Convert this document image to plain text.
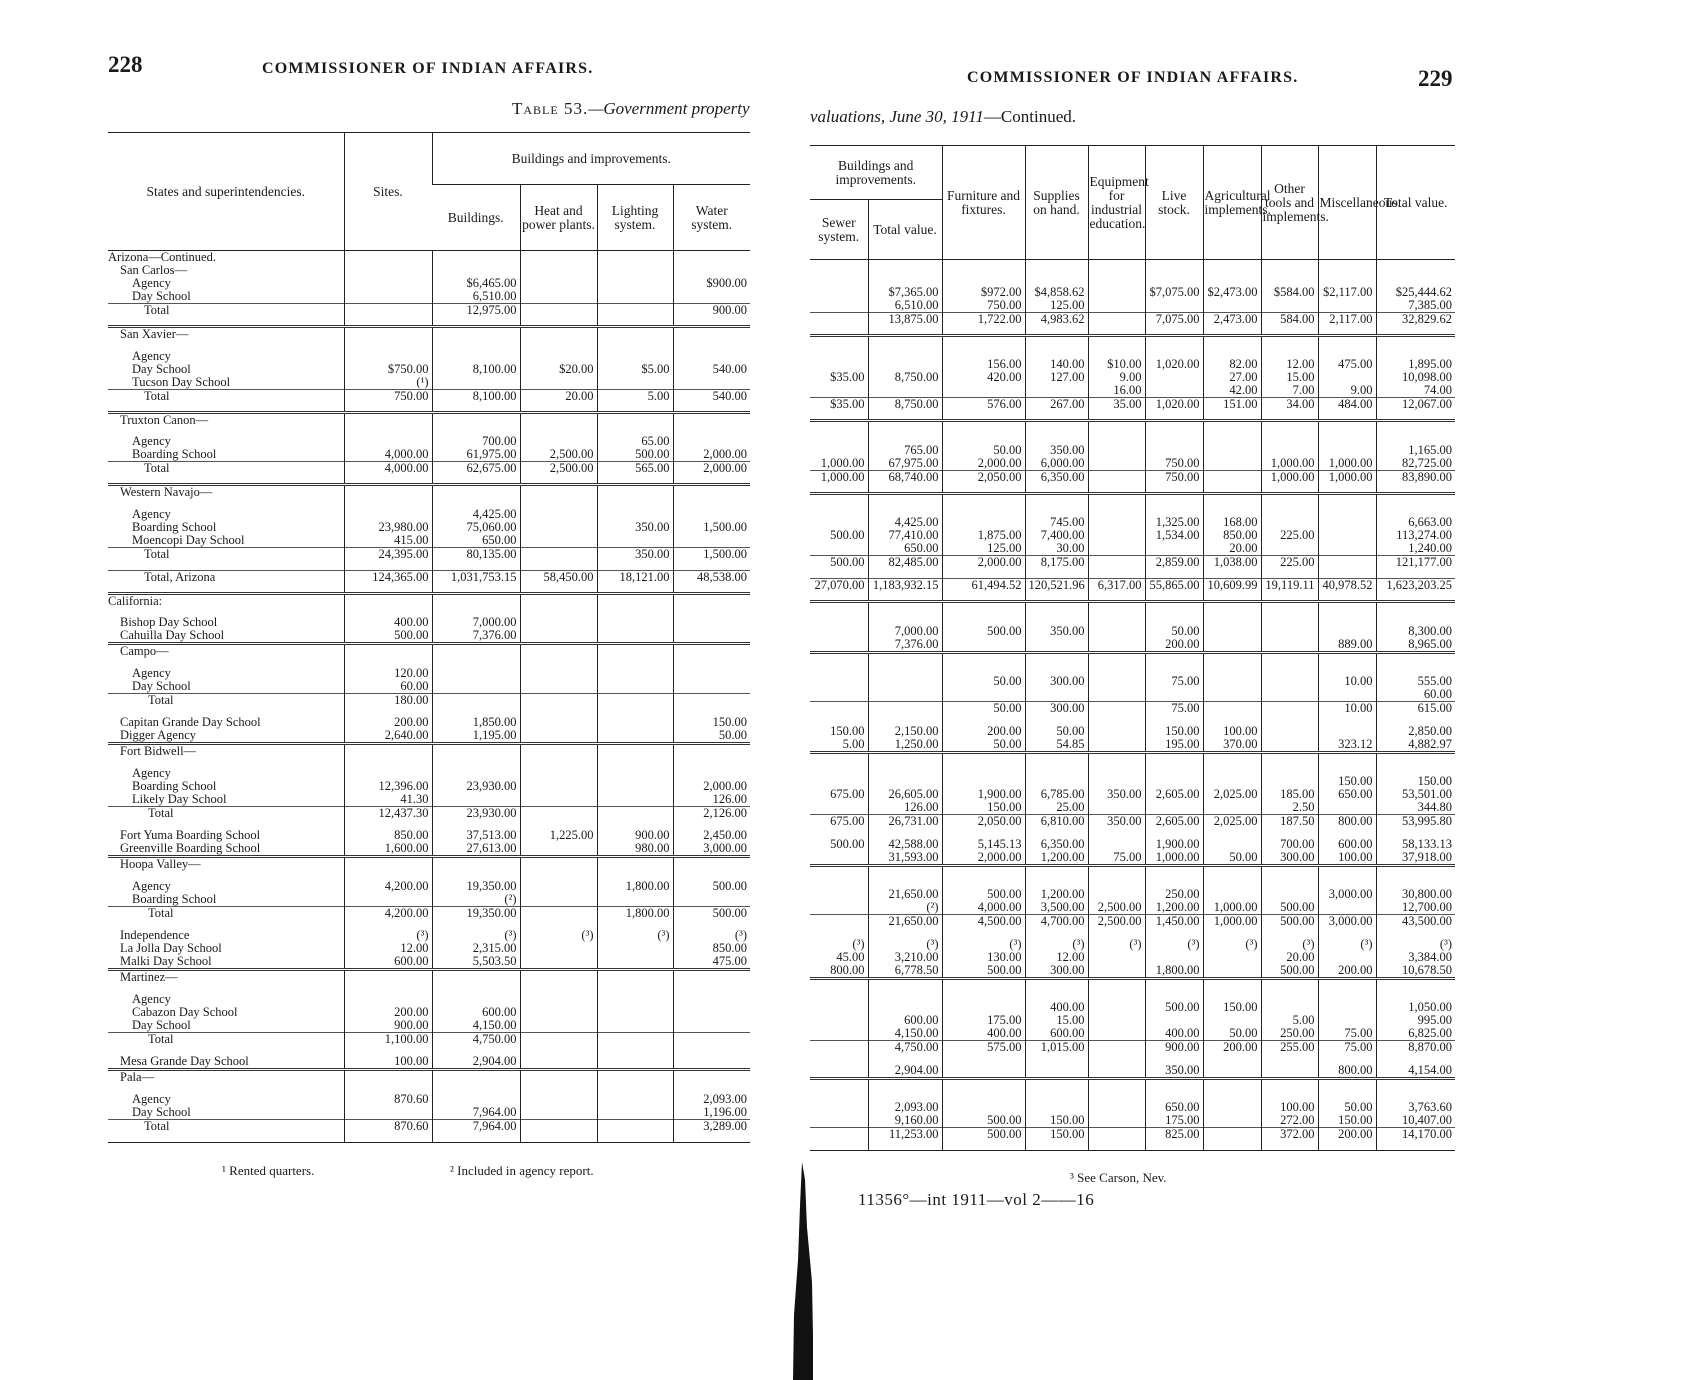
228	COMMISSIONER OF INDIAN AFFAIRS.
Table 53.—Government property
States and superintendencies.	Sites.	Buildings and improvements.			
		Buildings.	Heat and power plants.	Lighting system.	Water system.
Arizona—Continued.					
San Carlos—					
Agency		$6,465.00			$900.00
Day School		6,510.00			
Total		12,975.00			900.00
San Xavier—					
Agency					
Day School	$750.00	8,100.00	$20.00	$5.00	540.00
Tucson Day School	(¹)				
Total	750.00	8,100.00	20.00	5.00	540.00
Truxton Canon—					
Agency		700.00		65.00	
Boarding School	4,000.00	61,975.00	2,500.00	500.00	2,000.00
Total	4,000.00	62,675.00	2,500.00	565.00	2,000.00
Western Navajo—					
Agency		4,425.00			
Boarding School	23,980.00	75,060.00		350.00	1,500.00
Moencopi Day School	415.00	650.00			
Total	24,395.00	80,135.00		350.00	1,500.00
Total, Arizona	124,365.00	1,031,753.15	58,450.00	18,121.00	48,538.00
California:					
Bishop Day School	400.00	7,000.00			
Cahuilla Day School	500.00	7,376.00			
Campo—					
Agency	120.00				
Day School	60.00				
Total	180.00				
Capitan Grande Day School	200.00	1,850.00			150.00
Digger Agency	2,640.00	1,195.00			50.00
Fort Bidwell—					
Agency					
Boarding School	12,396.00	23,930.00			2,000.00
Likely Day School	41.30				126.00
Total	12,437.30	23,930.00			2,126.00
Fort Yuma Boarding School	850.00	37,513.00	1,225.00	900.00	2,450.00
Greenville Boarding School	1,600.00	27,613.00		980.00	3,000.00
Hoopa Valley—					
Agency	4,200.00	19,350.00		1,800.00	500.00
Boarding School		(²)			
Total	4,200.00	19,350.00		1,800.00	500.00
Independence	(³)	(³)	(³)	(³)	(³)
La Jolla Day School	12.00	2,315.00			850.00
Malki Day School	600.00	5,503.50			475.00
Martinez—					
Agency					
Cabazon Day School	200.00	600.00			
Day School	900.00	4,150.00			
Total	1,100.00	4,750.00			
Mesa Grande Day School	100.00	2,904.00			
Pala—					
Agency	870.60				2,093.00
Day School		7,964.00			1,196.00
Total	870.60	7,964.00			3,289.00
¹ Rented quarters.	² Included in agency report.
valuations, June 30, 1911—Continued.
COMMISSIONER OF INDIAN AFFAIRS.	229
Buildings and improvements.		Furniture and fixtures.	Supplies on hand.	Equipment for industrial education.	Live stock.	Agricultural implements.	Other tools and implements.	Miscellaneous.	Total value.
Sewer system.	Total value.								

	$7,365.00	$972.00	$4,858.62		$7,075.00	$2,473.00	$584.00	$2,117.00	$25,444.62
	6,510.00	750.00	125.00						7,385.00
	13,875.00	1,722.00	4,983.62		7,075.00	2,473.00	584.00	2,117.00	32,829.62

		156.00	140.00	$10.00	1,020.00	82.00	12.00	475.00	1,895.00
$35.00	8,750.00	420.00	127.00	9.00		27.00	15.00		10,098.00
				16.00		42.00	7.00	9.00	74.00
$35.00	8,750.00	576.00	267.00	35.00	1,020.00	151.00	34.00	484.00	12,067.00

	765.00	50.00	350.00						1,165.00
1,000.00	67,975.00	2,000.00	6,000.00		750.00		1,000.00	1,000.00	82,725.00
1,000.00	68,740.00	2,050.00	6,350.00		750.00		1,000.00	1,000.00	83,890.00

	4,425.00		745.00		1,325.00	168.00			6,663.00
500.00	77,410.00	1,875.00	7,400.00		1,534.00	850.00	225.00		113,274.00
	650.00	125.00	30.00			20.00			1,240.00
500.00	82,485.00	2,000.00	8,175.00		2,859.00	1,038.00	225.00		121,177.00
27,070.00	1,183,932.15	61,494.52	120,521.96	6,317.00	55,865.00	10,609.99	19,119.11	40,978.52	1,623,203.25

	7,000.00	500.00	350.00		50.00				8,300.00
	7,376.00				200.00			889.00	8,965.00

		50.00	300.00		75.00			10.00	555.00
									60.00
		50.00	300.00		75.00			10.00	615.00
150.00	2,150.00	200.00	50.00		150.00	100.00			2,850.00
5.00	1,250.00	50.00	54.85		195.00	370.00		323.12	4,882.97

								150.00	150.00
675.00	26,605.00	1,900.00	6,785.00	350.00	2,605.00	2,025.00	185.00	650.00	53,501.00
	126.00	150.00	25.00				2.50		344.80
675.00	26,731.00	2,050.00	6,810.00	350.00	2,605.00	2,025.00	187.50	800.00	53,995.80
500.00	42,588.00	5,145.13	6,350.00		1,900.00		700.00	600.00	58,133.13
	31,593.00	2,000.00	1,200.00	75.00	1,000.00	50.00	300.00	100.00	37,918.00

	21,650.00	500.00	1,200.00		250.00			3,000.00	30,800.00
	(²)	4,000.00	3,500.00	2,500.00	1,200.00	1,000.00	500.00		12,700.00
	21,650.00	4,500.00	4,700.00	2,500.00	1,450.00	1,000.00	500.00	3,000.00	43,500.00
(³)	(³)	(³)	(³)	(³)	(³)	(³)	(³)	(³)	(³)
45.00	3,210.00	130.00	12.00				20.00		3,384.00
800.00	6,778.50	500.00	300.00		1,800.00		500.00	200.00	10,678.50

			400.00		500.00	150.00			1,050.00
	600.00	175.00	15.00				5.00		995.00
	4,150.00	400.00	600.00		400.00	50.00	250.00	75.00	6,825.00
	4,750.00	575.00	1,015.00		900.00	200.00	255.00	75.00	8,870.00
	2,904.00				350.00			800.00	4,154.00

	2,093.00				650.00		100.00	50.00	3,763.60
	9,160.00	500.00	150.00		175.00		272.00	150.00	10,407.00
	11,253.00	500.00	150.00		825.00		372.00	200.00	14,170.00
³ See Carson, Nev.
11356°—int 1911—vol 2——16
